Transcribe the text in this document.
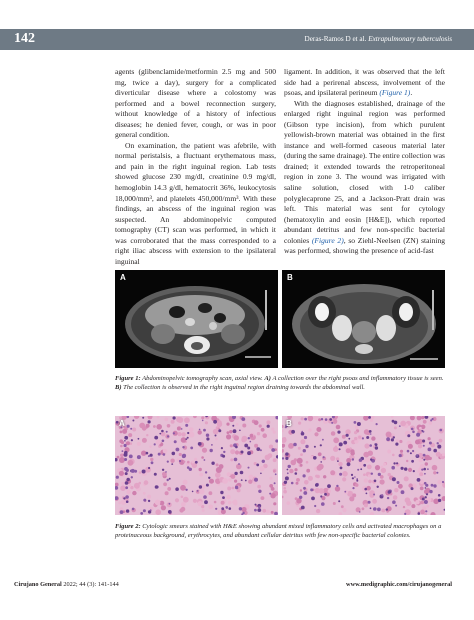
142	Deras-Ramos D et al. Extrapulmonary tuberculosis

agents (glibenclamide/metformin 2.5 mg and 500 mg, twice a day), surgery for a complicated diverticular disease where a colostomy was performed and a bowel reconnection surgery, without knowledge of a history of infectious diseases; he denied fever, cough, or was in poor general condition.

On examination, the patient was afebrile, with normal peristalsis, a fluctuant erythematous mass, and pain in the right inguinal region. Lab tests showed glucose 230 mg/dl, creatinine 0.9 mg/dl, hemoglobin 14.3 g/dl, hematocrit 36%, leukocytosis 18,000/mm³, and platelets 450,000/mm³. With these findings, an abscess of the inguinal region was suspected. An abdominopelvic computed tomography (CT) scan was performed, in which it was corroborated that the mass corresponded to a right iliac abscess with extension to the ipsilateral inguinal

ligament. In addition, it was observed that the left side had a perirenal abscess, involvement of the psoas, and ipsilateral perineum (Figure 1).

With the diagnoses established, drainage of the enlarged right inguinal region was performed (Gibson type incision), from which purulent yellowish-brown material was obtained in the first instance and well-formed caseous material later (during the same drainage). The entire collection was drained; it extended towards the retroperitoneal region in zone 3. The wound was irrigated with saline solution, closed with 1-0 caliber polyglecaprone 25, and a Jackson-Pratt drain was left. This material was sent for cytology (hematoxylin and eosin [H&E]), which reported abundant detritus and few non-specific bacterial colonies (Figure 2), so Ziehl-Neelsen (ZN) staining was performed, showing the presence of acid-fast

A	B
Figure 1: Abdominopelvic tomography scan, axial view. A) A collection over the right psoas and inflammatory tissue is seen. B) The collection is observed in the right inguinal region draining towards the abdominal wall.
A	B
Figure 2: Cytologic smears stained with H&E showing abundant mixed inflammatory cells and activated macrophages on a proteinaceous background, erythrocytes, and abundant cellular detritus with few non-specific bacterial colonies.
Cirujano General 2022; 44 (3): 141-144	www.medigraphic.com/cirujanogeneral
